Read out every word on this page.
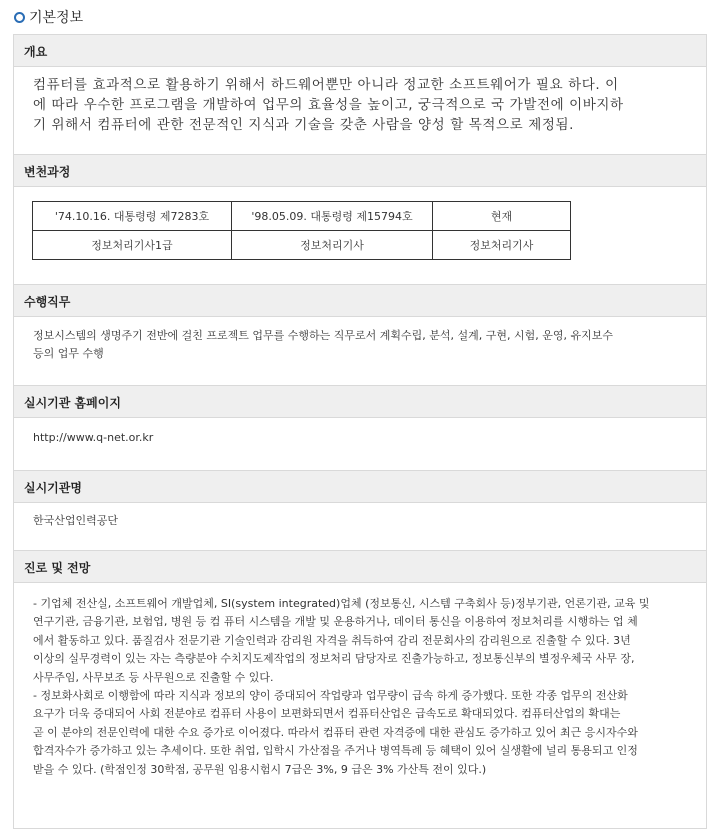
기본정보
개요
컴퓨터를 효과적으로 활용하기 위해서 하드웨어뿐만 아니라 정교한 소프트웨어가 필요 하다. 이
에 따라 우수한 프로그램을 개발하여 업무의 효율성을 높이고, 궁극적으로 국 가발전에 이바지하
기 위해서 컴퓨터에 관한 전문적인 지식과 기술을 갖춘 사람을 양성 할 목적으로 제정됨.
변천과정
'74.10.16. 대통령령 제7283호	'98.05.09. 대통령령 제15794호	현재
정보처리기사1급	정보처리기사	정보처리기사
수행직무
정보시스템의 생명주기 전반에 걸친 프로젝트 업무를 수행하는 직무로서 계획수립, 분석, 설계, 구현, 시험, 운영, 유지보수
등의 업무 수행
실시기관 홈페이지
http://www.q-net.or.kr
실시기관명
한국산업인력공단
진로 및 전망
- 기업체 전산실, 소프트웨어 개발업체, SI(system integrated)업체 (정보통신, 시스템 구축회사 등)정부기관, 언론기관, 교육 및
연구기관, 금융기관, 보험업, 병원 등 컴 퓨터 시스템을 개발 및 운용하거나, 데이터 통신을 이용하여 정보처리를 시행하는 업 체
에서 활동하고 있다. 품질검사 전문기관 기술인력과 감리원 자격을 취득하여 감리 전문회사의 감리원으로 진출할 수 있다. 3년
이상의 실무경력이 있는 자는 측량분야 수치지도제작업의 정보처리 담당자로 진출가능하고, 정보통신부의 별정우체국 사무 장,
사무주임, 사무보조 등 사무원으로 진출할 수 있다.
- 정보화사회로 이행함에 따라 지식과 정보의 양이 증대되어 작업량과 업무량이 급속 하게 증가했다. 또한 각종 업무의 전산화
요구가 더욱 증대되어 사회 전분야로 컴퓨터 사용이 보편화되면서 컴퓨터산업은 급속도로 확대되었다. 컴퓨터산업의 확대는
곧 이 분야의 전문인력에 대한 수요 증가로 이어졌다. 따라서 컴퓨터 관련 자격증에 대한 관심도 증가하고 있어 최근 응시자수와
합격자수가 증가하고 있는 추세이다. 또한 취업, 입학시 가산점을 주거나 병역특례 등 혜택이 있어 실생활에 널리 통용되고 인정
받을 수 있다. (학점인정 30학점, 공무원 임용시험시 7급은 3%, 9 급은 3% 가산특 전이 있다.)
